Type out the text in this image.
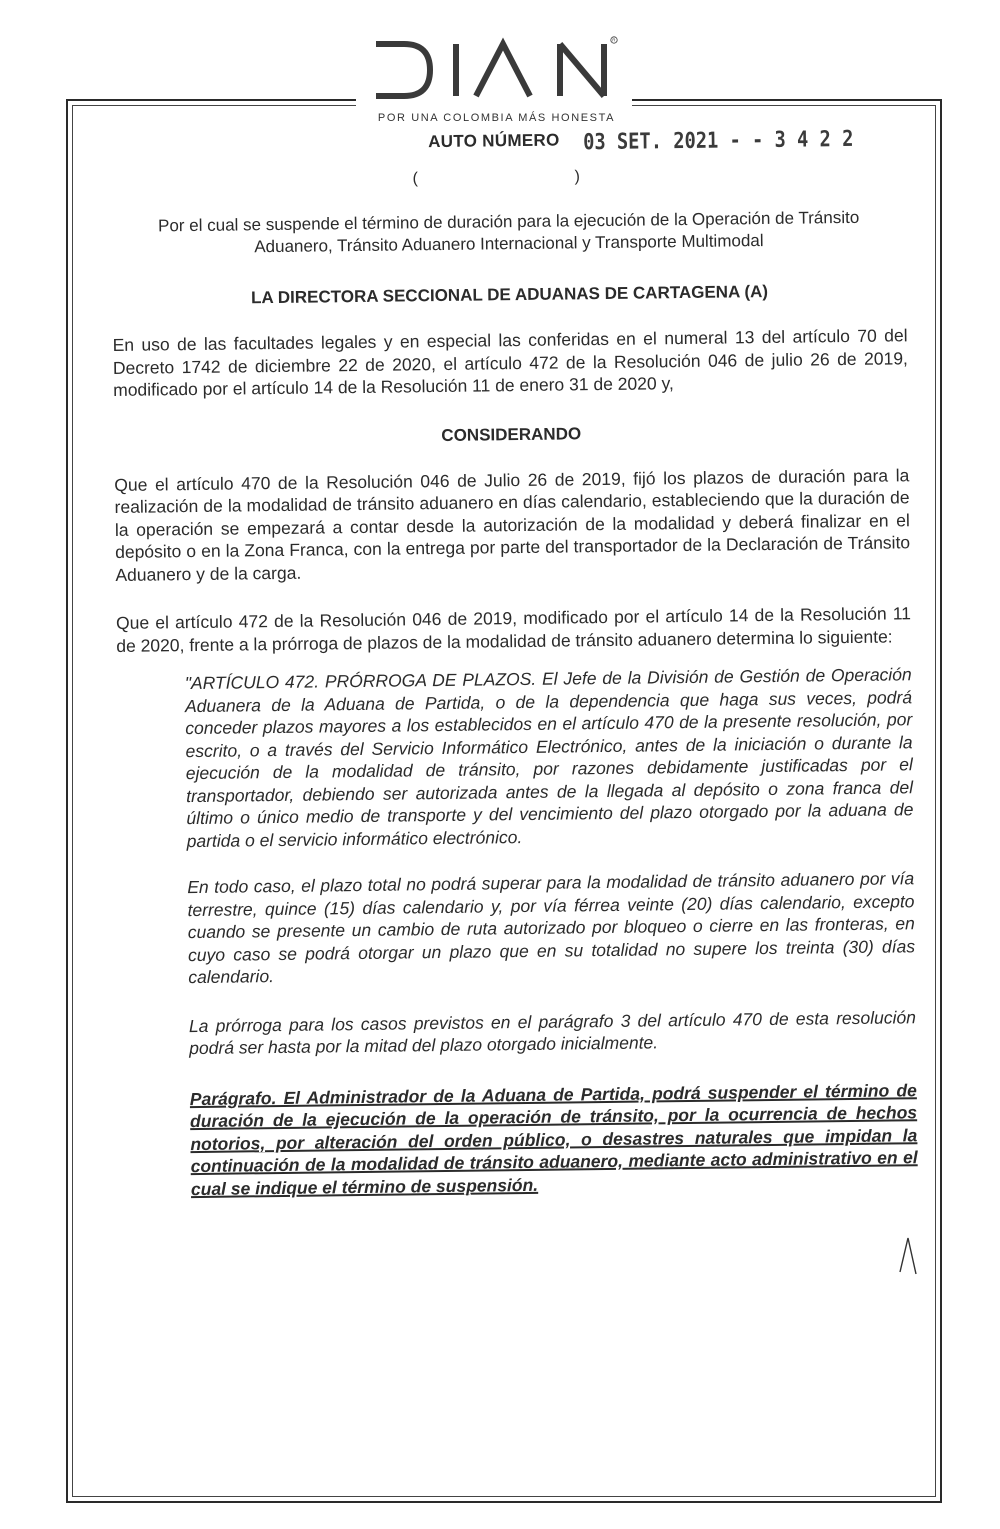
R
POR UNA COLOMBIA MÁS HONESTA
AUTO NÚMERO 03 SET. 2021 - - 3 4 2 2
(	)

Por el cual se suspende el término de duración para la ejecución de la Operación de Tránsito Aduanero, Tránsito Aduanero Internacional y Transporte Multimodal

LA DIRECTORA SECCIONAL DE ADUANAS DE CARTAGENA (A)

En uso de las facultades legales y en especial las conferidas en el numeral 13 del artículo 70 del Decreto 1742 de diciembre 22 de 2020, el artículo 472 de la Resolución 046 de julio 26 de 2019, modificado por el artículo 14 de la Resolución 11 de enero 31 de 2020 y,

CONSIDERANDO

Que el artículo 470 de la Resolución 046 de Julio 26 de 2019, fijó los plazos de duración para la realización de la modalidad de tránsito aduanero en días calendario, estableciendo que la duración de la operación se empezará a contar desde la autorización de la modalidad y deberá finalizar en el depósito o en la Zona Franca, con la entrega por parte del transportador de la Declaración de Tránsito Aduanero y de la carga.

Que el artículo 472 de la Resolución 046 de 2019, modificado por el artículo 14 de la Resolución 11 de 2020, frente a la prórroga de plazos de la modalidad de tránsito aduanero determina lo siguiente:

"ARTÍCULO 472. PRÓRROGA DE PLAZOS. El Jefe de la División de Gestión de Operación Aduanera de la Aduana de Partida, o de la dependencia que haga sus veces, podrá conceder plazos mayores a los establecidos en el artículo 470 de la presente resolución, por escrito, o a través del Servicio Informático Electrónico, antes de la iniciación o durante la ejecución de la modalidad de tránsito, por razones debidamente justificadas por el transportador, debiendo ser autorizada antes de la llegada al depósito o zona franca del último o único medio de transporte y del vencimiento del plazo otorgado por la aduana de partida o el servicio informático electrónico.

En todo caso, el plazo total no podrá superar para la modalidad de tránsito aduanero por vía terrestre, quince (15) días calendario y, por vía férrea veinte (20) días calendario, excepto cuando se presente un cambio de ruta autorizado por bloqueo o cierre en las fronteras, en cuyo caso se podrá otorgar un plazo que en su totalidad no supere los treinta (30) días calendario.

La prórroga para los casos previstos en el parágrafo 3 del artículo 470 de esta resolución podrá ser hasta por la mitad del plazo otorgado inicialmente.

Parágrafo. El Administrador de la Aduana de Partida, podrá suspender el término de duración de la ejecución de la operación de tránsito, por la ocurrencia de hechos notorios, por alteración del orden público, o desastres naturales que impidan la continuación de la modalidad de tránsito aduanero, mediante acto administrativo en el cual se indique el término de suspensión.
